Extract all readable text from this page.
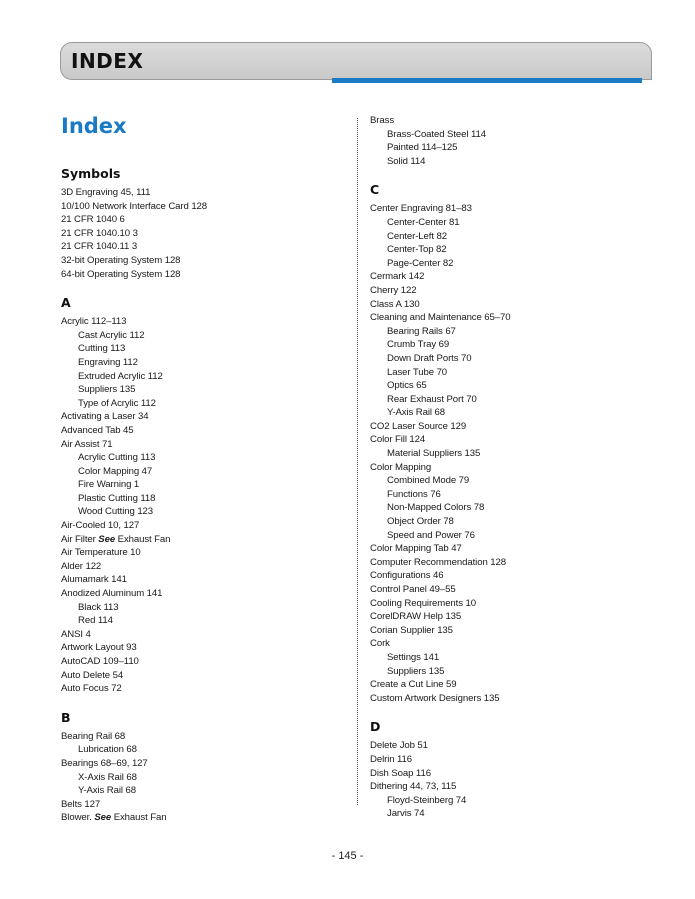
INDEX
Index
Symbols
3D Engraving 45, 111
10/100 Network Interface Card 128
21 CFR 1040 6
21 CFR 1040.10 3
21 CFR 1040.11 3
32-bit Operating System 128
64-bit Operating System 128
A
Acrylic 112–113
Cast Acrylic 112
Cutting 113
Engraving 112
Extruded Acrylic 112
Suppliers 135
Type of Acrylic 112
Activating a Laser 34
Advanced Tab 45
Air Assist 71
Acrylic Cutting 113
Color Mapping 47
Fire Warning 1
Plastic Cutting 118
Wood Cutting 123
Air-Cooled 10, 127
Air Filter See Exhaust Fan
Air Temperature 10
Alder 122
Alumamark 141
Anodized Aluminum 141
Black 113
Red 114
ANSI 4
Artwork Layout 93
AutoCAD 109–110
Auto Delete 54
Auto Focus 72
B
Bearing Rail 68
Lubrication 68
Bearings 68–69, 127
X-Axis Rail 68
Y-Axis Rail 68
Belts 127
Blower. See Exhaust Fan
Brass
Brass-Coated Steel 114
Painted 114–125
Solid 114
C
Center Engraving 81–83
Center-Center 81
Center-Left 82
Center-Top 82
Page-Center 82
Cermark 142
Cherry 122
Class A 130
Cleaning and Maintenance 65–70
Bearing Rails 67
Crumb Tray 69
Down Draft Ports 70
Laser Tube 70
Optics 65
Rear Exhaust Port 70
Y-Axis Rail 68
CO2 Laser Source 129
Color Fill 124
Material Suppliers 135
Color Mapping
Combined Mode 79
Functions 76
Non-Mapped Colors 78
Object Order 78
Speed and Power 76
Color Mapping Tab 47
Computer Recommendation 128
Configurations 46
Control Panel 49–55
Cooling Requirements 10
CorelDRAW Help 135
Corian Supplier 135
Cork
Settings 141
Suppliers 135
Create a Cut Line 59
Custom Artwork Designers 135
D
Delete Job 51
Delrin 116
Dish Soap 116
Dithering 44, 73, 115
Floyd-Steinberg 74
Jarvis 74
- 145 -
